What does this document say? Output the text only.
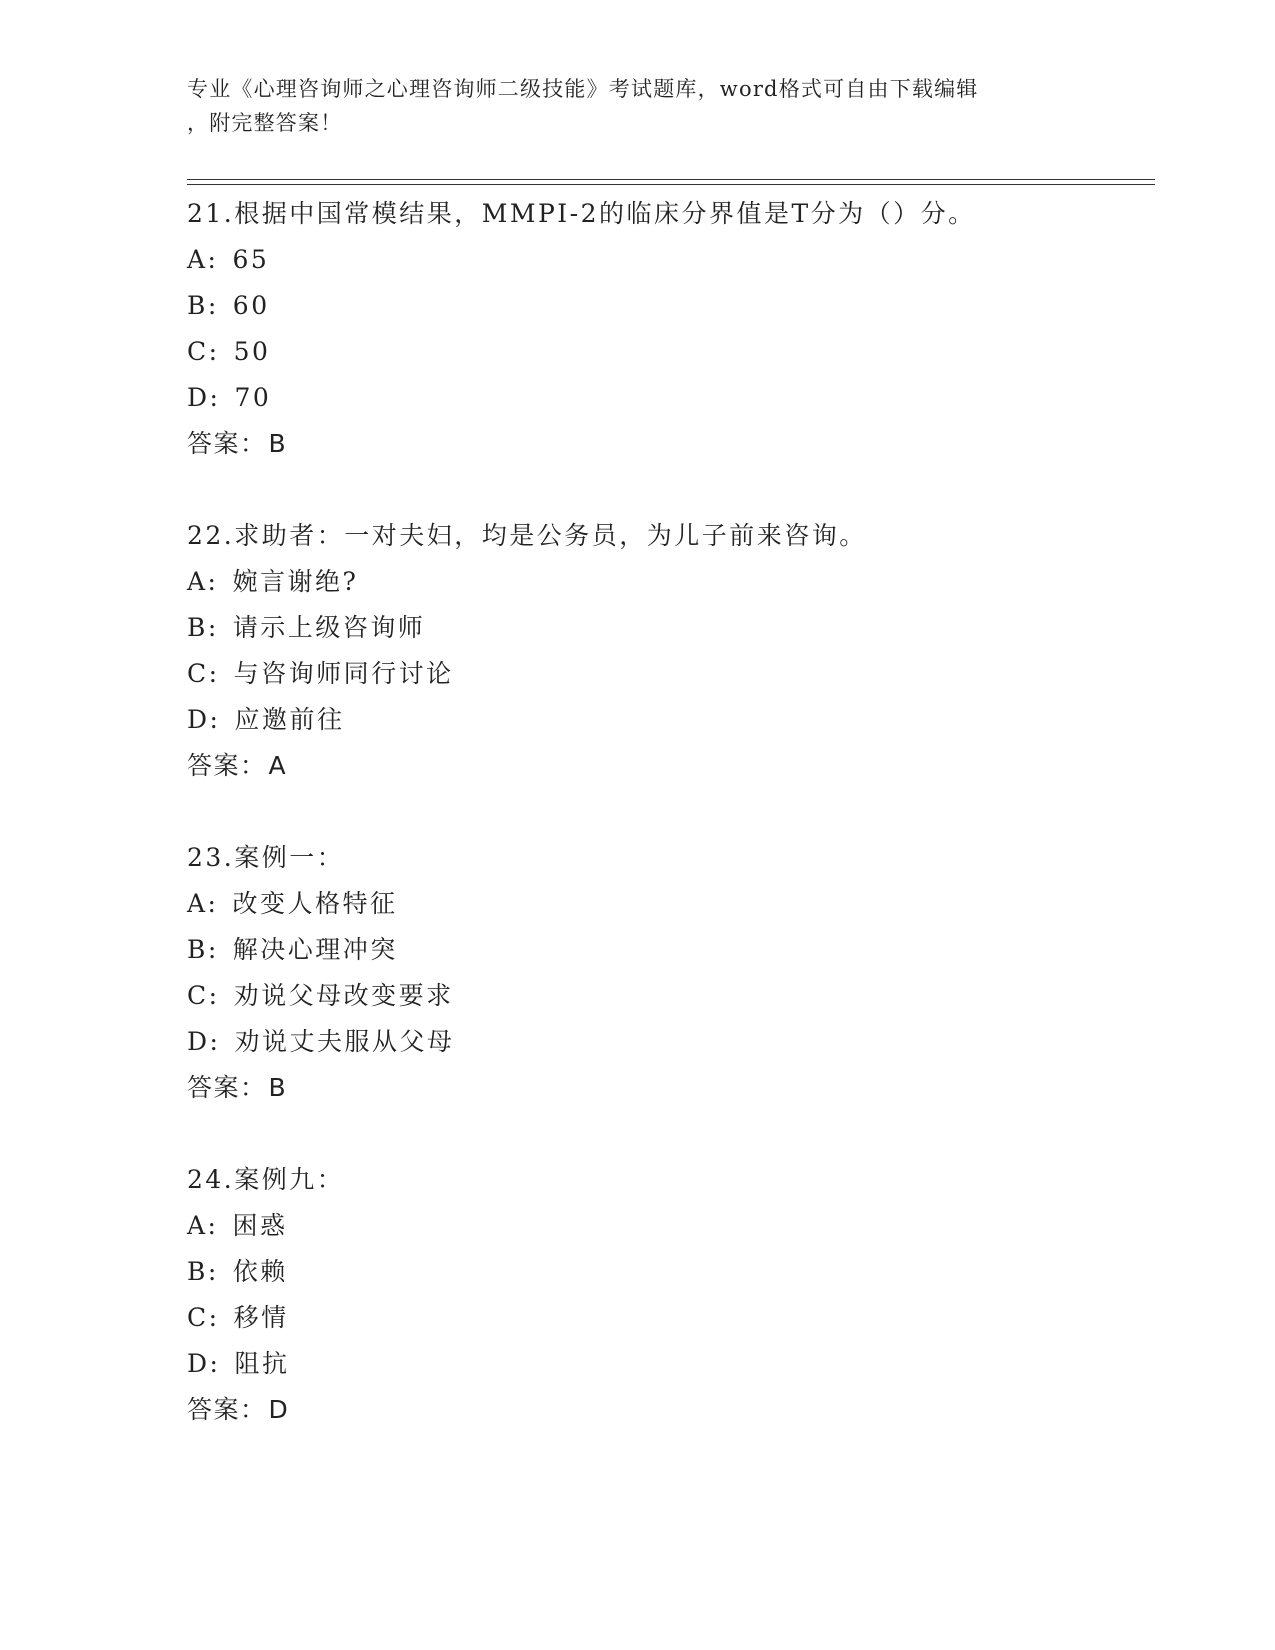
专业《心理咨询师之心理咨询师二级技能》考试题库，word格式可自由下载编辑
，附完整答案！
21.根据中国常模结果，MMPI-2的临床分界值是T分为（）分。
A: 65
B: 60
C: 50
D: 70
答案：B
22.求助者：一对夫妇，均是公务员，为儿子前来咨询。
A: 婉言谢绝?
B: 请示上级咨询师
C: 与咨询师同行讨论
D: 应邀前往
答案：A
23.案例一：
A: 改变人格特征
B: 解决心理冲突
C: 劝说父母改变要求
D: 劝说丈夫服从父母
答案：B
24.案例九：
A: 困惑
B: 依赖
C: 移情
D: 阻抗
答案：D
